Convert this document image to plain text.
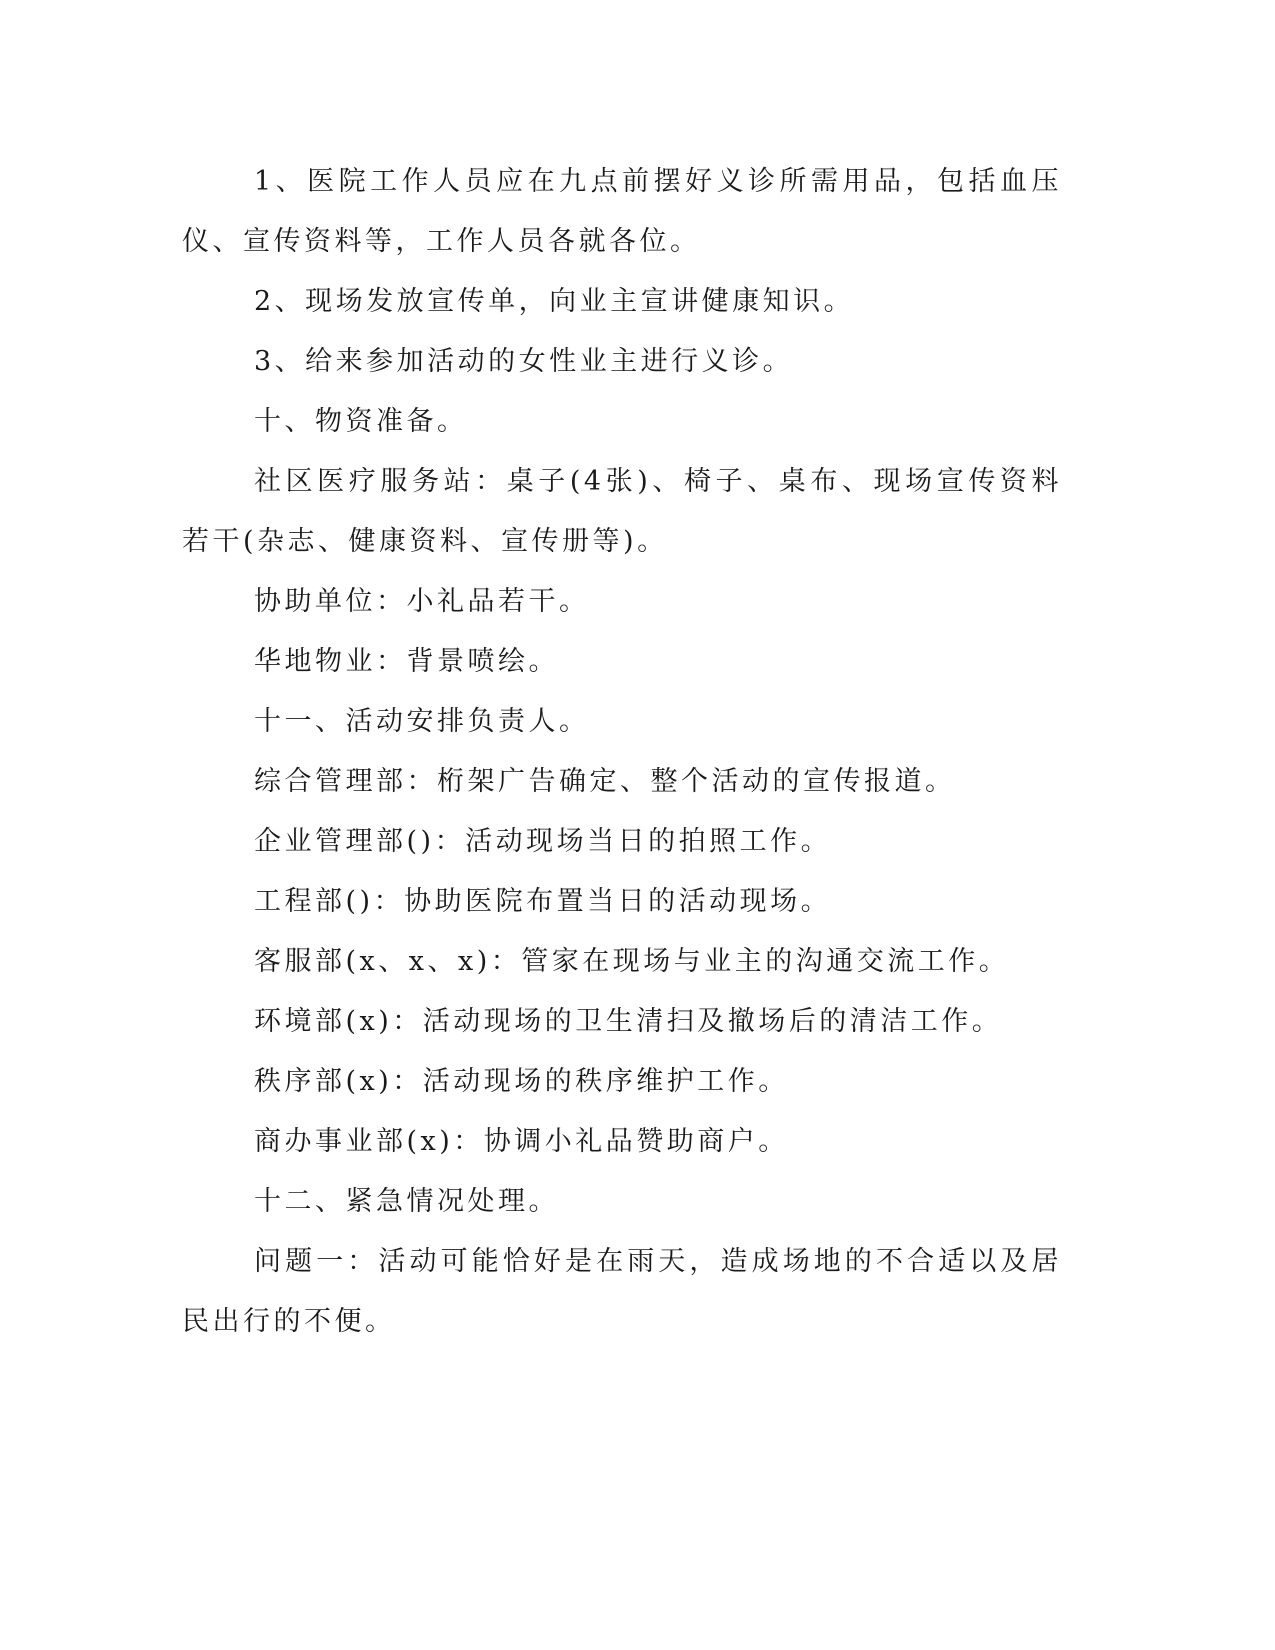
1、医院工作人员应在九点前摆好义诊所需用品，包括血压仪、宣传资料等，工作人员各就各位。

2、现场发放宣传单，向业主宣讲健康知识。

3、给来参加活动的女性业主进行义诊。

十、物资准备。

社区医疗服务站：桌子(4张)、椅子、桌布、现场宣传资料若干(杂志、健康资料、宣传册等)。

协助单位：小礼品若干。

华地物业：背景喷绘。

十一、活动安排负责人。

综合管理部：桁架广告确定、整个活动的宣传报道。

企业管理部()：活动现场当日的拍照工作。

工程部()：协助医院布置当日的活动现场。

客服部(x、x、x)：管家在现场与业主的沟通交流工作。

环境部(x)：活动现场的卫生清扫及撤场后的清洁工作。

秩序部(x)：活动现场的秩序维护工作。

商办事业部(x)：协调小礼品赞助商户。

十二、紧急情况处理。

问题一：活动可能恰好是在雨天，造成场地的不合适以及居民出行的不便。
